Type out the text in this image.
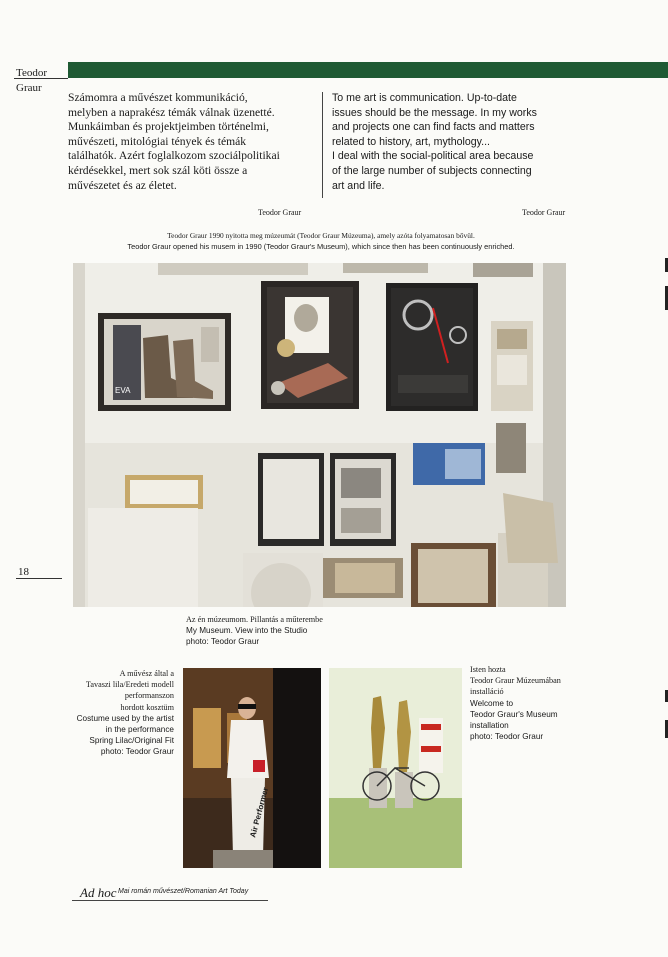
Teodor
Graur
Számomra a művészet kommunikáció,
melyben a naprakész témák válnak üzenetté.
Munkáimban és projektjeimben történelmi,
művészeti, mitológiai tények és témák
találhatók. Azért foglalkozom szociálpolitikai
kérdésekkel, mert sok szál köti össze a
művészetet és az életet.
To me art is communication. Up-to-date
issues should be the message. In my works
and projects one can find facts and matters
related to history, art, mythology...
I deal with the social-political area because
of the large number of subjects connecting
art and life.
Teodor Graur	Teodor Graur
Teodor Graur 1990 nyitotta meg múzeumát (Teodor Graur Múzeuma), amely azóta folyamatosan bővül.
Teodor Graur opened his musem in 1990 (Teodor Graur's Museum), which since then has been continuously enriched.
EVA
Az én múzeumom. Pillantás a műterembe
My Museum. View into the Studio
photo: Teodor Graur
A művész által a
Tavaszi lila/Eredeti modell
performanszon
hordott kosztüm
Costume used by the artist
in the performance
Spring Lilac/Original Fit
photo: Teodor Graur
Air Performer
Isten hozta
Teodor Graur Múzeumában
installáció
Welcome to
Teodor Graur's Museum
installation
photo: Teodor Graur
18
Ad hoc Mai román művészet/Romanian Art Today
